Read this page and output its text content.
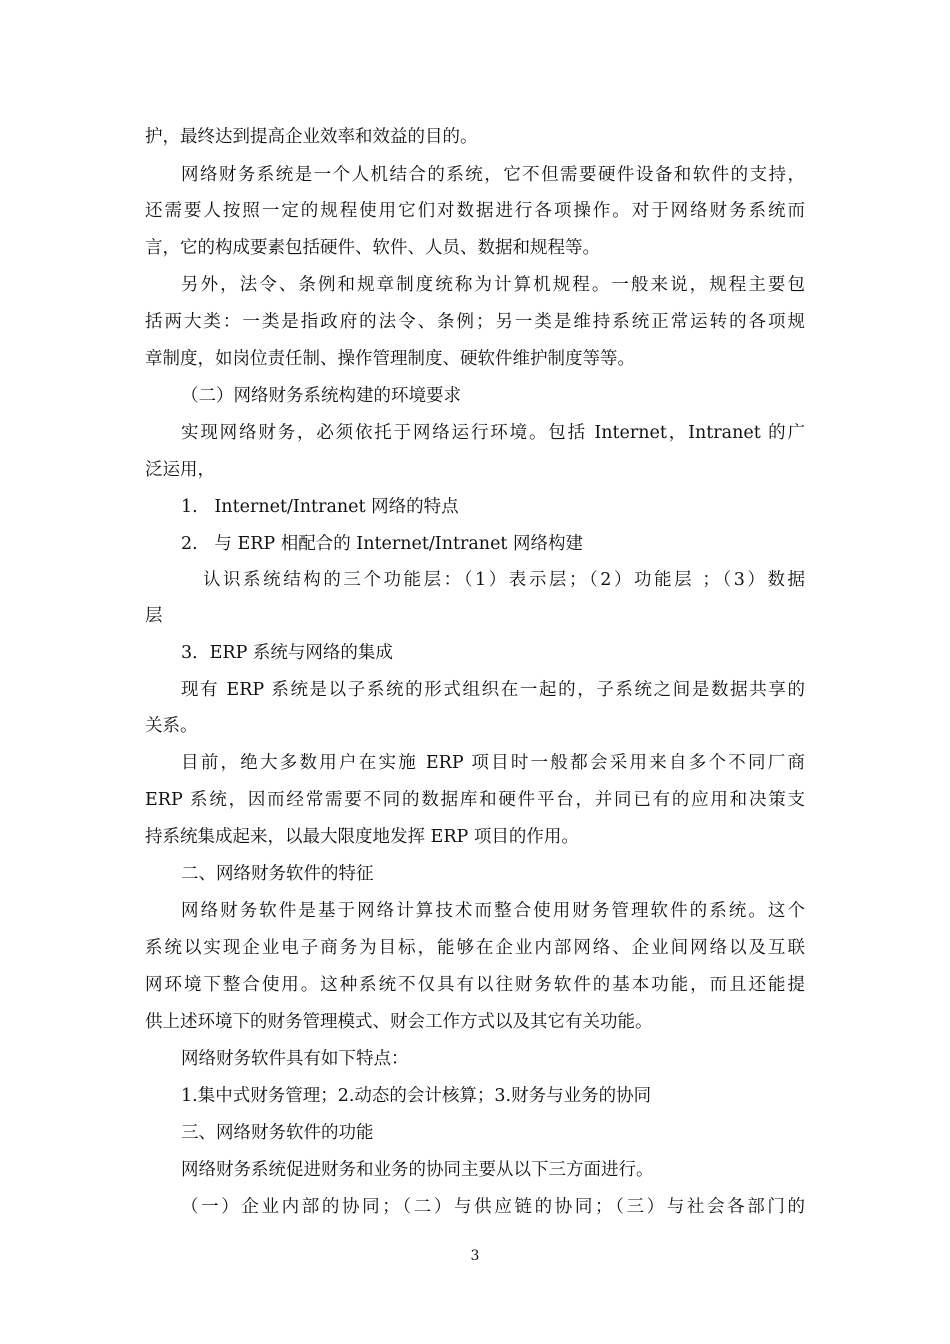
护，最终达到提高企业效率和效益的目的。

网络财务系统是一个人机结合的系统，它不但需要硬件设备和软件的支持，

还需要人按照一定的规程使用它们对数据进行各项操作。对于网络财务系统而

言，它的构成要素包括硬件、软件、人员、数据和规程等。

另外，法令、条例和规章制度统称为计算机规程。一般来说，规程主要包

括两大类：一类是指政府的法令、条例；另一类是维持系统正常运转的各项规

章制度，如岗位责任制、操作管理制度、硬软件维护制度等等。

（二）网络财务系统构建的环境要求

实现网络财务，必须依托于网络运行环境。包括 Internet，Intranet 的广

泛运用，

1.   Internet/Intranet 网络的特点

2.   与 ERP 相配合的 Internet/Intranet 网络构建

认识系统结构的三个功能层：（1）表示层；（2）功能层 ；（3）数据

层

3．ERP 系统与网络的集成

现有 ERP 系统是以子系统的形式组织在一起的，子系统之间是数据共享的

关系。

目前，绝大多数用户在实施 ERP 项目时一般都会采用来自多个不同厂商

ERP 系统，因而经常需要不同的数据库和硬件平台，并同已有的应用和决策支

持系统集成起来，以最大限度地发挥 ERP 项目的作用。

二、网络财务软件的特征

网络财务软件是基于网络计算技术而整合使用财务管理软件的系统。这个

系统以实现企业电子商务为目标，能够在企业内部网络、企业间网络以及互联

网环境下整合使用。这种系统不仅具有以往财务软件的基本功能，而且还能提

供上述环境下的财务管理模式、财会工作方式以及其它有关功能。

网络财务软件具有如下特点：

1.集中式财务管理；2.动态的会计核算；3.财务与业务的协同

三、网络财务软件的功能

网络财务系统促进财务和业务的协同主要从以下三方面进行。

（一）企业内部的协同；（二）与供应链的协同；（三）与社会各部门的

3
